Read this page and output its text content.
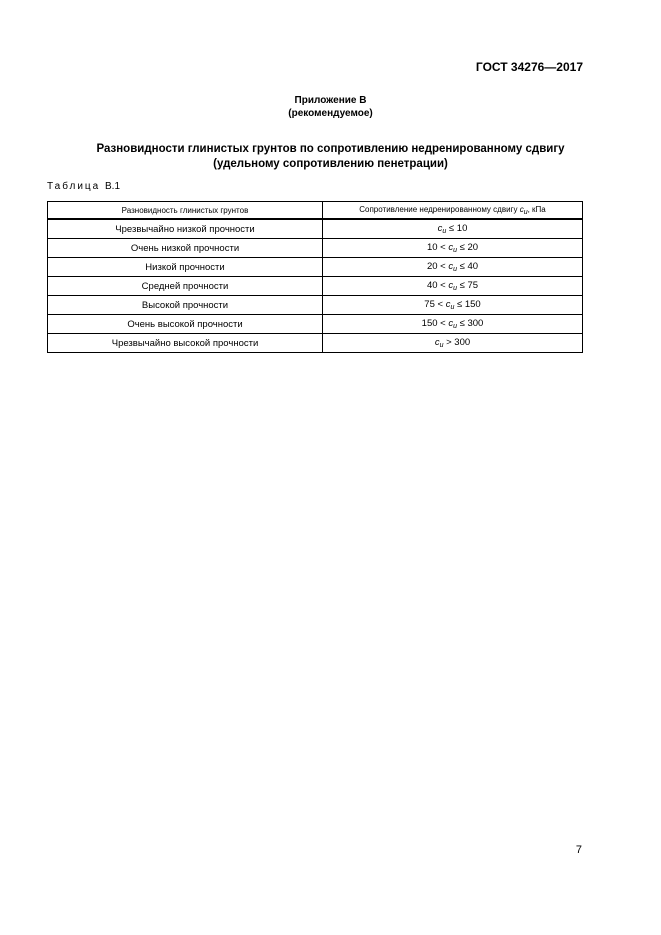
ГОСТ 34276—2017
Приложение В
(рекомендуемое)
Разновидности глинистых грунтов по сопротивлению недренированному сдвигу
(удельному сопротивлению пенетрации)
Таблица В.1
Разновидность глинистых грунтов	Сопротивление недренированному сдвигу cu, кПа
Чрезвычайно низкой прочности	$c_u \le 10$
Очень низкой прочности	$10 < c_u \le 20$
Низкой прочности	$20 < c_u \le 40$
Средней прочности	$40 < c_u \le 75$
Высокой прочности	$75 < c_u \le 150$
Очень высокой прочности	$150 < c_u \le 300$
Чрезвычайно высокой прочности	$c_u > 300$
7
